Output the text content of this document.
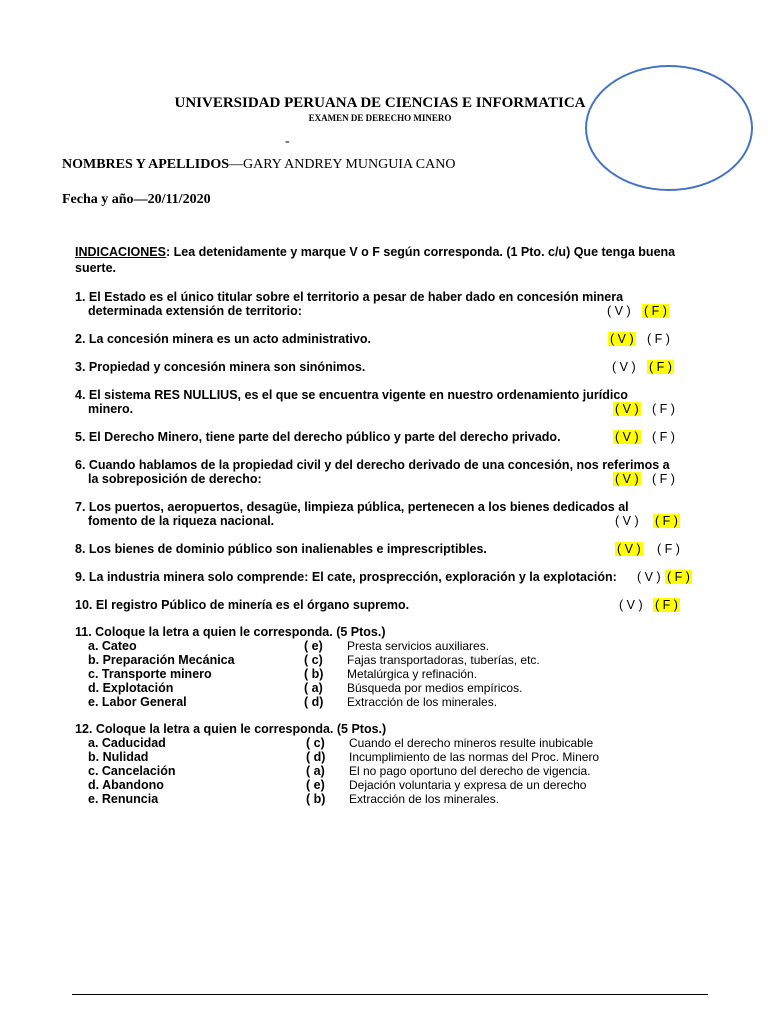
UNIVERSIDAD PERUANA DE CIENCIAS E INFORMATICA
EXAMEN DE DERECHO MINERO
-
NOMBRES Y APELLIDOS—GARY ANDREY MUNGUIA CANO
Fecha y año—20/11/2020
INDICACIONES: Lea detenidamente y marque V o F según corresponda. (1 Pto. c/u) Que tenga buena suerte.
1. El Estado es el único titular sobre el territorio a pesar de haber dado en concesión minera
determinada extensión de territorio:	( V ) ( F )
2. La concesión minera es un acto administrativo.	( V ) ( F )
3. Propiedad y concesión minera son sinónimos.	( V ) ( F )
4. El sistema RES NULLIUS, es el que se encuentra vigente en nuestro ordenamiento jurídico
minero.	( V ) ( F )
5. El Derecho Minero, tiene parte del derecho público y parte del derecho privado.	( V ) ( F )
6. Cuando hablamos de la propiedad civil y del derecho derivado de una concesión, nos referimos a
la sobreposición de derecho:	( V ) ( F )
7. Los puertos, aeropuertos, desagüe, limpieza pública, pertenecen a los bienes dedicados al
fomento de la riqueza nacional.	( V ) ( F )
8. Los bienes de dominio público son inalienables e imprescriptibles.	( V ) ( F )
9. La industria minera solo comprende: El cate, prosprección, exploración y la explotación: ( V ) ( F )
10. El registro Público de minería es el órgano supremo.	( V ) ( F )
11. Coloque la letra a quien le corresponda. (5 Ptos.)
a. Cateo	( e) Presta servicios auxiliares.
b. Preparación Mecánica	( c) Fajas transportadoras, tuberías, etc.
c. Transporte minero	( b) Metalúrgica y refinación.
d. Explotación	( a) Búsqueda por medios empíricos.
e. Labor General	( d) Extracción de los minerales.
12. Coloque la letra a quien le corresponda. (5 Ptos.)
a. Caducidad	( c) Cuando el derecho mineros resulte inubicable
b. Nulidad	( d) Incumplimiento de las normas del Proc. Minero
c. Cancelación	( a) El no pago oportuno del derecho de vigencia.
d. Abandono	( e) Dejación voluntaria y expresa de un derecho
e. Renuncia	( b) Extracción de los minerales.
